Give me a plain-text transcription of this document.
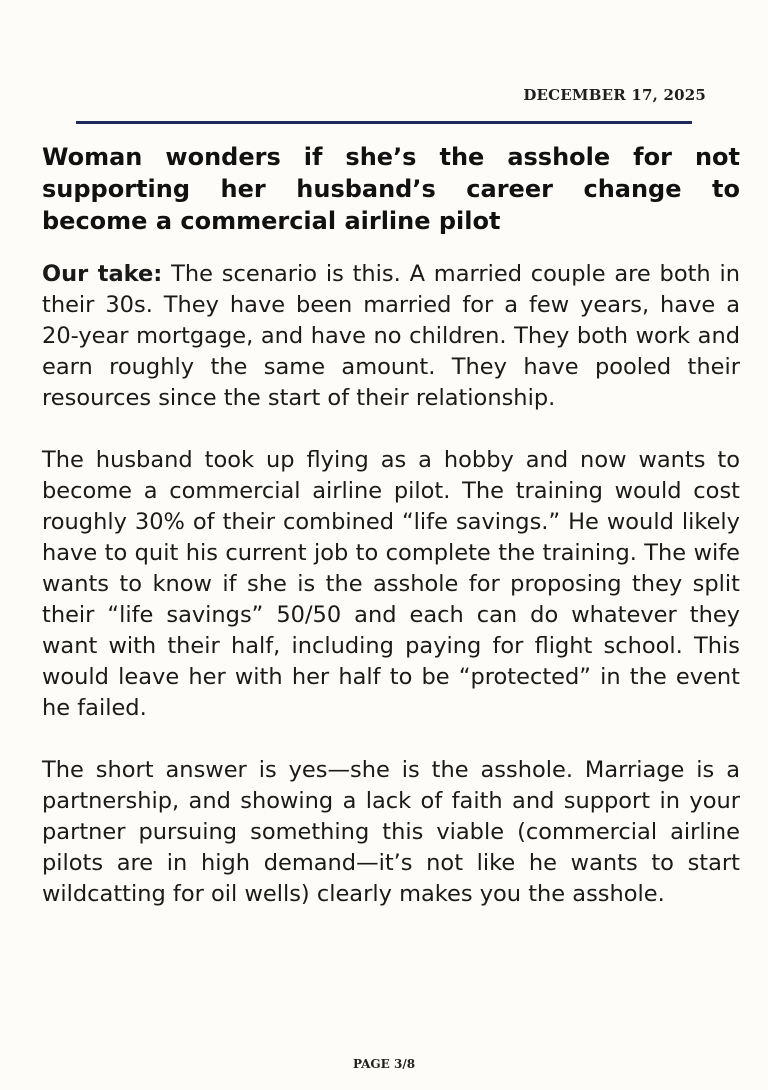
DECEMBER 17, 2025
Woman wonders if she’s the asshole for not supporting her husband’s career change to become a commercial airline pilot

Our take: The scenario is this. A married couple are both in their 30s. They have been married for a few years, have a 20-year mortgage, and have no children. They both work and earn roughly the same amount. They have pooled their resources since the start of their relationship.

The husband took up flying as a hobby and now wants to become a commercial airline pilot. The training would cost roughly 30% of their combined “life savings.” He would likely have to quit his current job to complete the training. The wife wants to know if she is the asshole for proposing they split their “life savings” 50/50 and each can do whatever they want with their half, including paying for flight school. This would leave her with her half to be “protected” in the event he failed.

The short answer is yes—she is the asshole. Marriage is a partnership, and showing a lack of faith and support in your partner pursuing something this viable (commercial airline pilots are in high demand—it’s not like he wants to start wildcatting for oil wells) clearly makes you the asshole.

PAGE 3/8
